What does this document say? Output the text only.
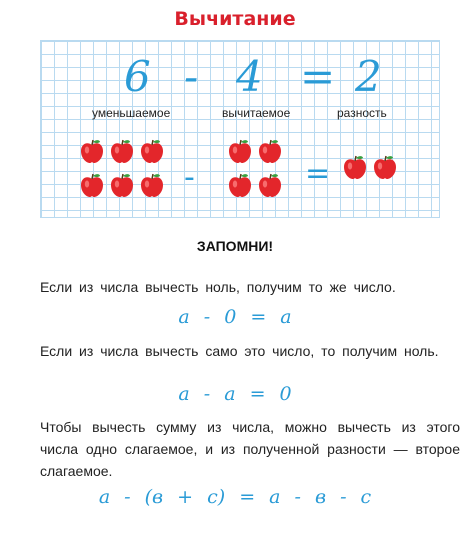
Вычитание
6 - 4 = 2
уменьшаемое	вычитаемое	разность
-	=
ЗАПОМНИ!
Если из числа вычесть ноль, получим то же число.
a - 0 = a
Если из числа вычесть само это число, то получим ноль.
a - a = 0
Чтобы вычесть сумму из числа, можно вычесть из этого числа одно слагаемое, и из полученной разности — второе слагаемое.
a - (в + с) = a - в - с
